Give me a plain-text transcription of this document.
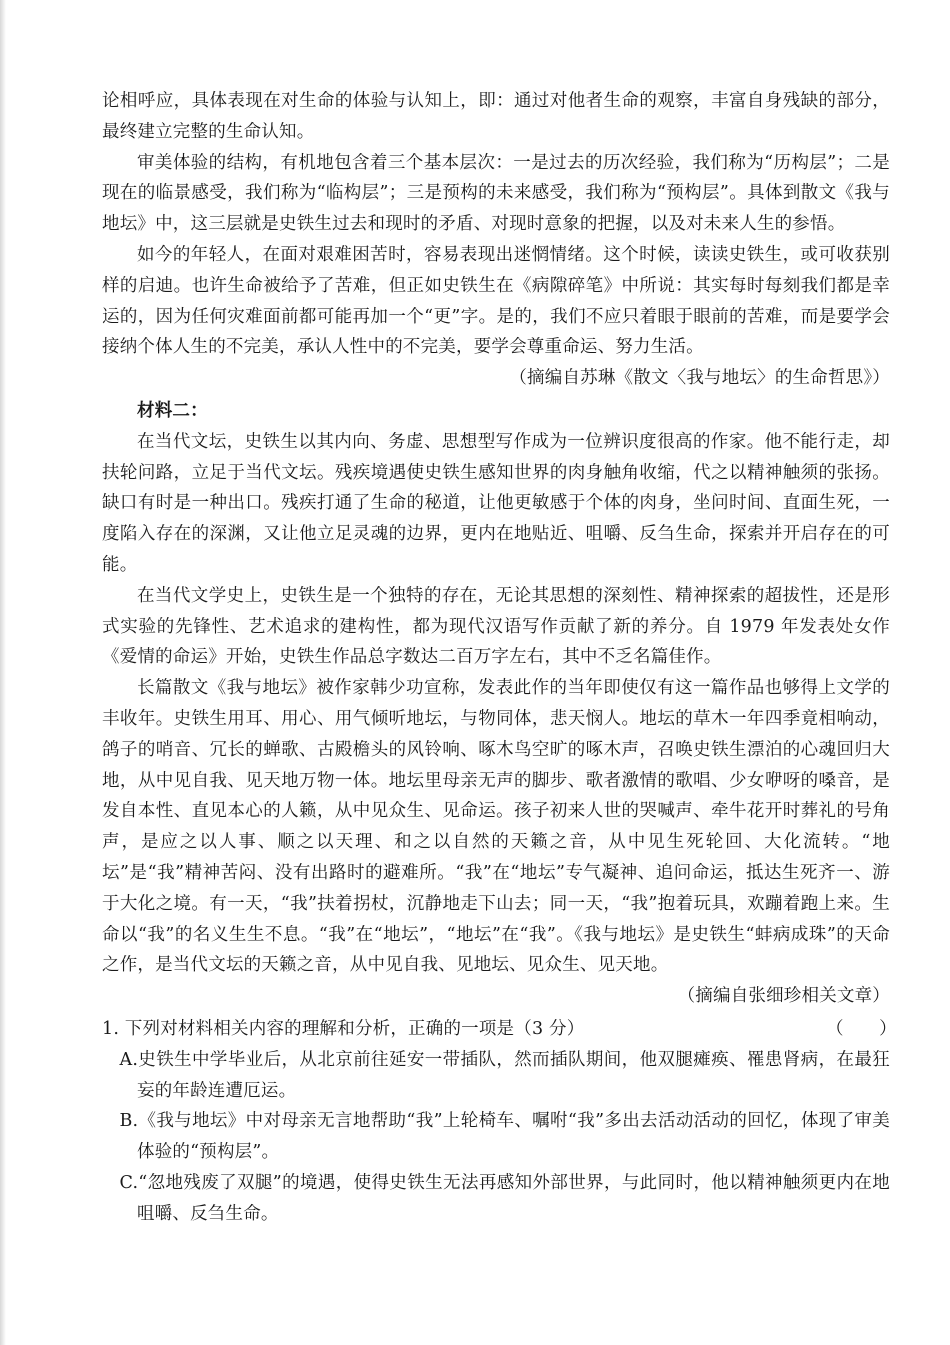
论相呼应，具体表现在对生命的体验与认知上，即：通过对他者生命的观察，丰富自身残缺的部分，最终建立完整的生命认知。

审美体验的结构，有机地包含着三个基本层次：一是过去的历次经验，我们称为“历构层”；二是现在的临景感受，我们称为“临构层”；三是预构的未来感受，我们称为“预构层”。具体到散文《我与地坛》中，这三层就是史铁生过去和现时的矛盾、对现时意象的把握，以及对未来人生的参悟。

如今的年轻人，在面对艰难困苦时，容易表现出迷惘情绪。这个时候，读读史铁生，或可收获别样的启迪。也许生命被给予了苦难，但正如史铁生在《病隙碎笔》中所说：其实每时每刻我们都是幸运的，因为任何灾难面前都可能再加一个“更”字。是的，我们不应只着眼于眼前的苦难，而是要学会接纳个体人生的不完美，承认人性中的不完美，要学会尊重命运、努力生活。

（摘编自苏琳《散文〈我与地坛〉的生命哲思》）

材料二：

在当代文坛，史铁生以其内向、务虚、思想型写作成为一位辨识度很高的作家。他不能行走，却扶轮问路，立足于当代文坛。残疾境遇使史铁生感知世界的肉身触角收缩，代之以精神触须的张扬。缺口有时是一种出口。残疾打通了生命的秘道，让他更敏感于个体的肉身，坐问时间、直面生死，一度陷入存在的深渊，又让他立足灵魂的边界，更内在地贴近、咀嚼、反刍生命，探索并开启存在的可能。

在当代文学史上，史铁生是一个独特的存在，无论其思想的深刻性、精神探索的超拔性，还是形式实验的先锋性、艺术追求的建构性，都为现代汉语写作贡献了新的养分。自 1979 年发表处女作《爱情的命运》开始，史铁生作品总字数达二百万字左右，其中不乏名篇佳作。

长篇散文《我与地坛》被作家韩少功宣称，发表此作的当年即使仅有这一篇作品也够得上文学的丰收年。史铁生用耳、用心、用气倾听地坛，与物同体，悲天悯人。地坛的草木一年四季竟相响动，鸽子的哨音、冗长的蝉歌、古殿檐头的风铃响、啄木鸟空旷的啄木声，召唤史铁生漂泊的心魂回归大地，从中见自我、见天地万物一体。地坛里母亲无声的脚步、歌者激情的歌唱、少女咿呀的嗓音，是发自本性、直见本心的人籁，从中见众生、见命运。孩子初来人世的哭喊声、牵牛花开时葬礼的号角声，是应之以人事、顺之以天理、和之以自然的天籁之音，从中见生死轮回、大化流转。“地坛”是“我”精神苦闷、没有出路时的避难所。“我”在“地坛”专气凝神、追问命运，抵达生死齐一、游于大化之境。有一天，“我”扶着拐杖，沉静地走下山去；同一天，“我”抱着玩具，欢蹦着跑上来。生命以“我”的名义生生不息。“我”在“地坛”，“地坛”在“我”。《我与地坛》是史铁生“蚌病成珠”的天命之作，是当代文坛的天籁之音，从中见自我、见地坛、见众生、见天地。

（摘编自张细珍相关文章）

1. 下列对材料相关内容的理解和分析，正确的一项是（3 分）	（　　）

A.史铁生中学毕业后，从北京前往延安一带插队，然而插队期间，他双腿瘫痪、罹患肾病，在最狂妄的年龄连遭厄运。

B.《我与地坛》中对母亲无言地帮助“我”上轮椅车、嘱咐“我”多出去活动活动的回忆，体现了审美体验的“预构层”。

C.“忽地残废了双腿”的境遇，使得史铁生无法再感知外部世界，与此同时，他以精神触须更内在地咀嚼、反刍生命。
